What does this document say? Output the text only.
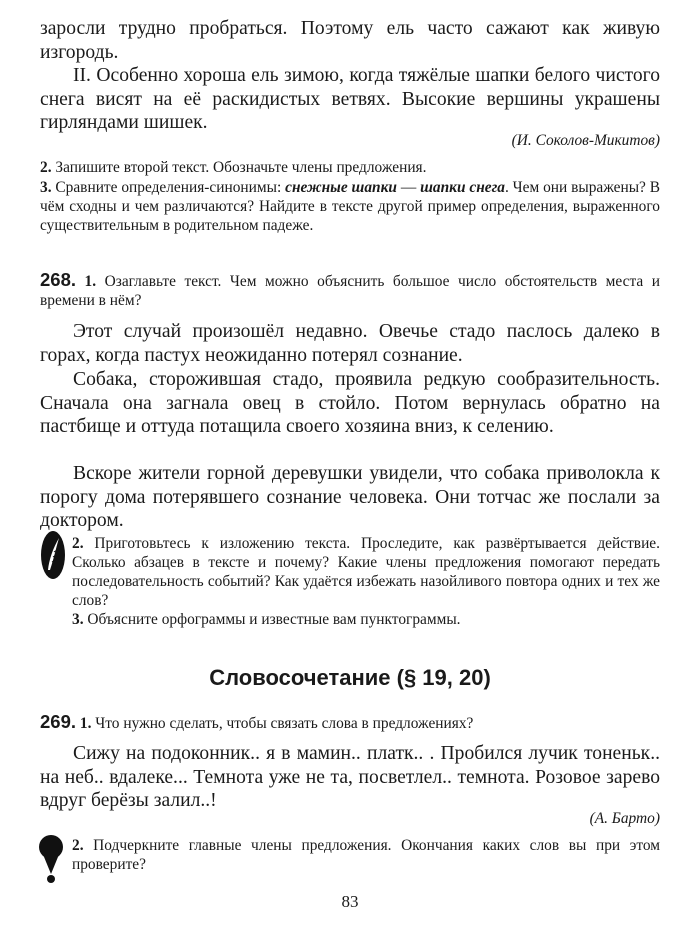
заросли трудно пробраться. Поэтому ель часто сажают как живую изгородь.

II. Особенно хороша ель зимою, когда тяжёлые шапки белого чистого снега висят на её раскидистых ветвях. Высокие вершины украшены гирляндами шишек.

(И. Соколов-Микитов)

2. Запишите второй текст. Обозначьте члены предложения.

3. Сравните определения-синонимы: снежные шапки — шапки снега. Чем они выражены? В чём сходны и чем различаются? Найдите в тексте другой пример определения, выраженного существительным в родительном падеже.

268. 1. Озаглавьте текст. Чем можно объяснить большое число обстоятельств места и времени в нём?

Этот случай произошёл недавно. Овечье стадо паслось далеко в горах, когда пастух неожиданно потерял сознание.

Собака, сторожившая стадо, проявила редкую сообразительность. Сначала она загнала овец в стойло. Потом вернулась обратно на пастбище и оттуда потащила своего хозяина вниз, к селению.

Вскоре жители горной деревушки увидели, что собака приволокла к порогу дома потерявшего сознание человека. Они тотчас же послали за доктором.

2. Приготовьтесь к изложению текста. Проследите, как развёртывается действие. Сколько абзацев в тексте и почему? Какие члены предложения помогают передать последовательность событий? Как удаётся избежать назойливого повтора одних и тех же слов?

3. Объясните орфограммы и известные вам пунктограммы.

Словосочетание (§ 19, 20)

269. 1. Что нужно сделать, чтобы связать слова в предложениях?

Сижу на подоконник.. я в мамин.. платк.. . Пробился лучик тоненьк.. на неб.. вдалеке... Темнота уже не та, посветлел.. темнота. Розовое зарево вдруг берёзы залил..!

(А. Барто)

2. Подчеркните главные члены предложения. Окончания каких слов вы при этом проверите?

83
